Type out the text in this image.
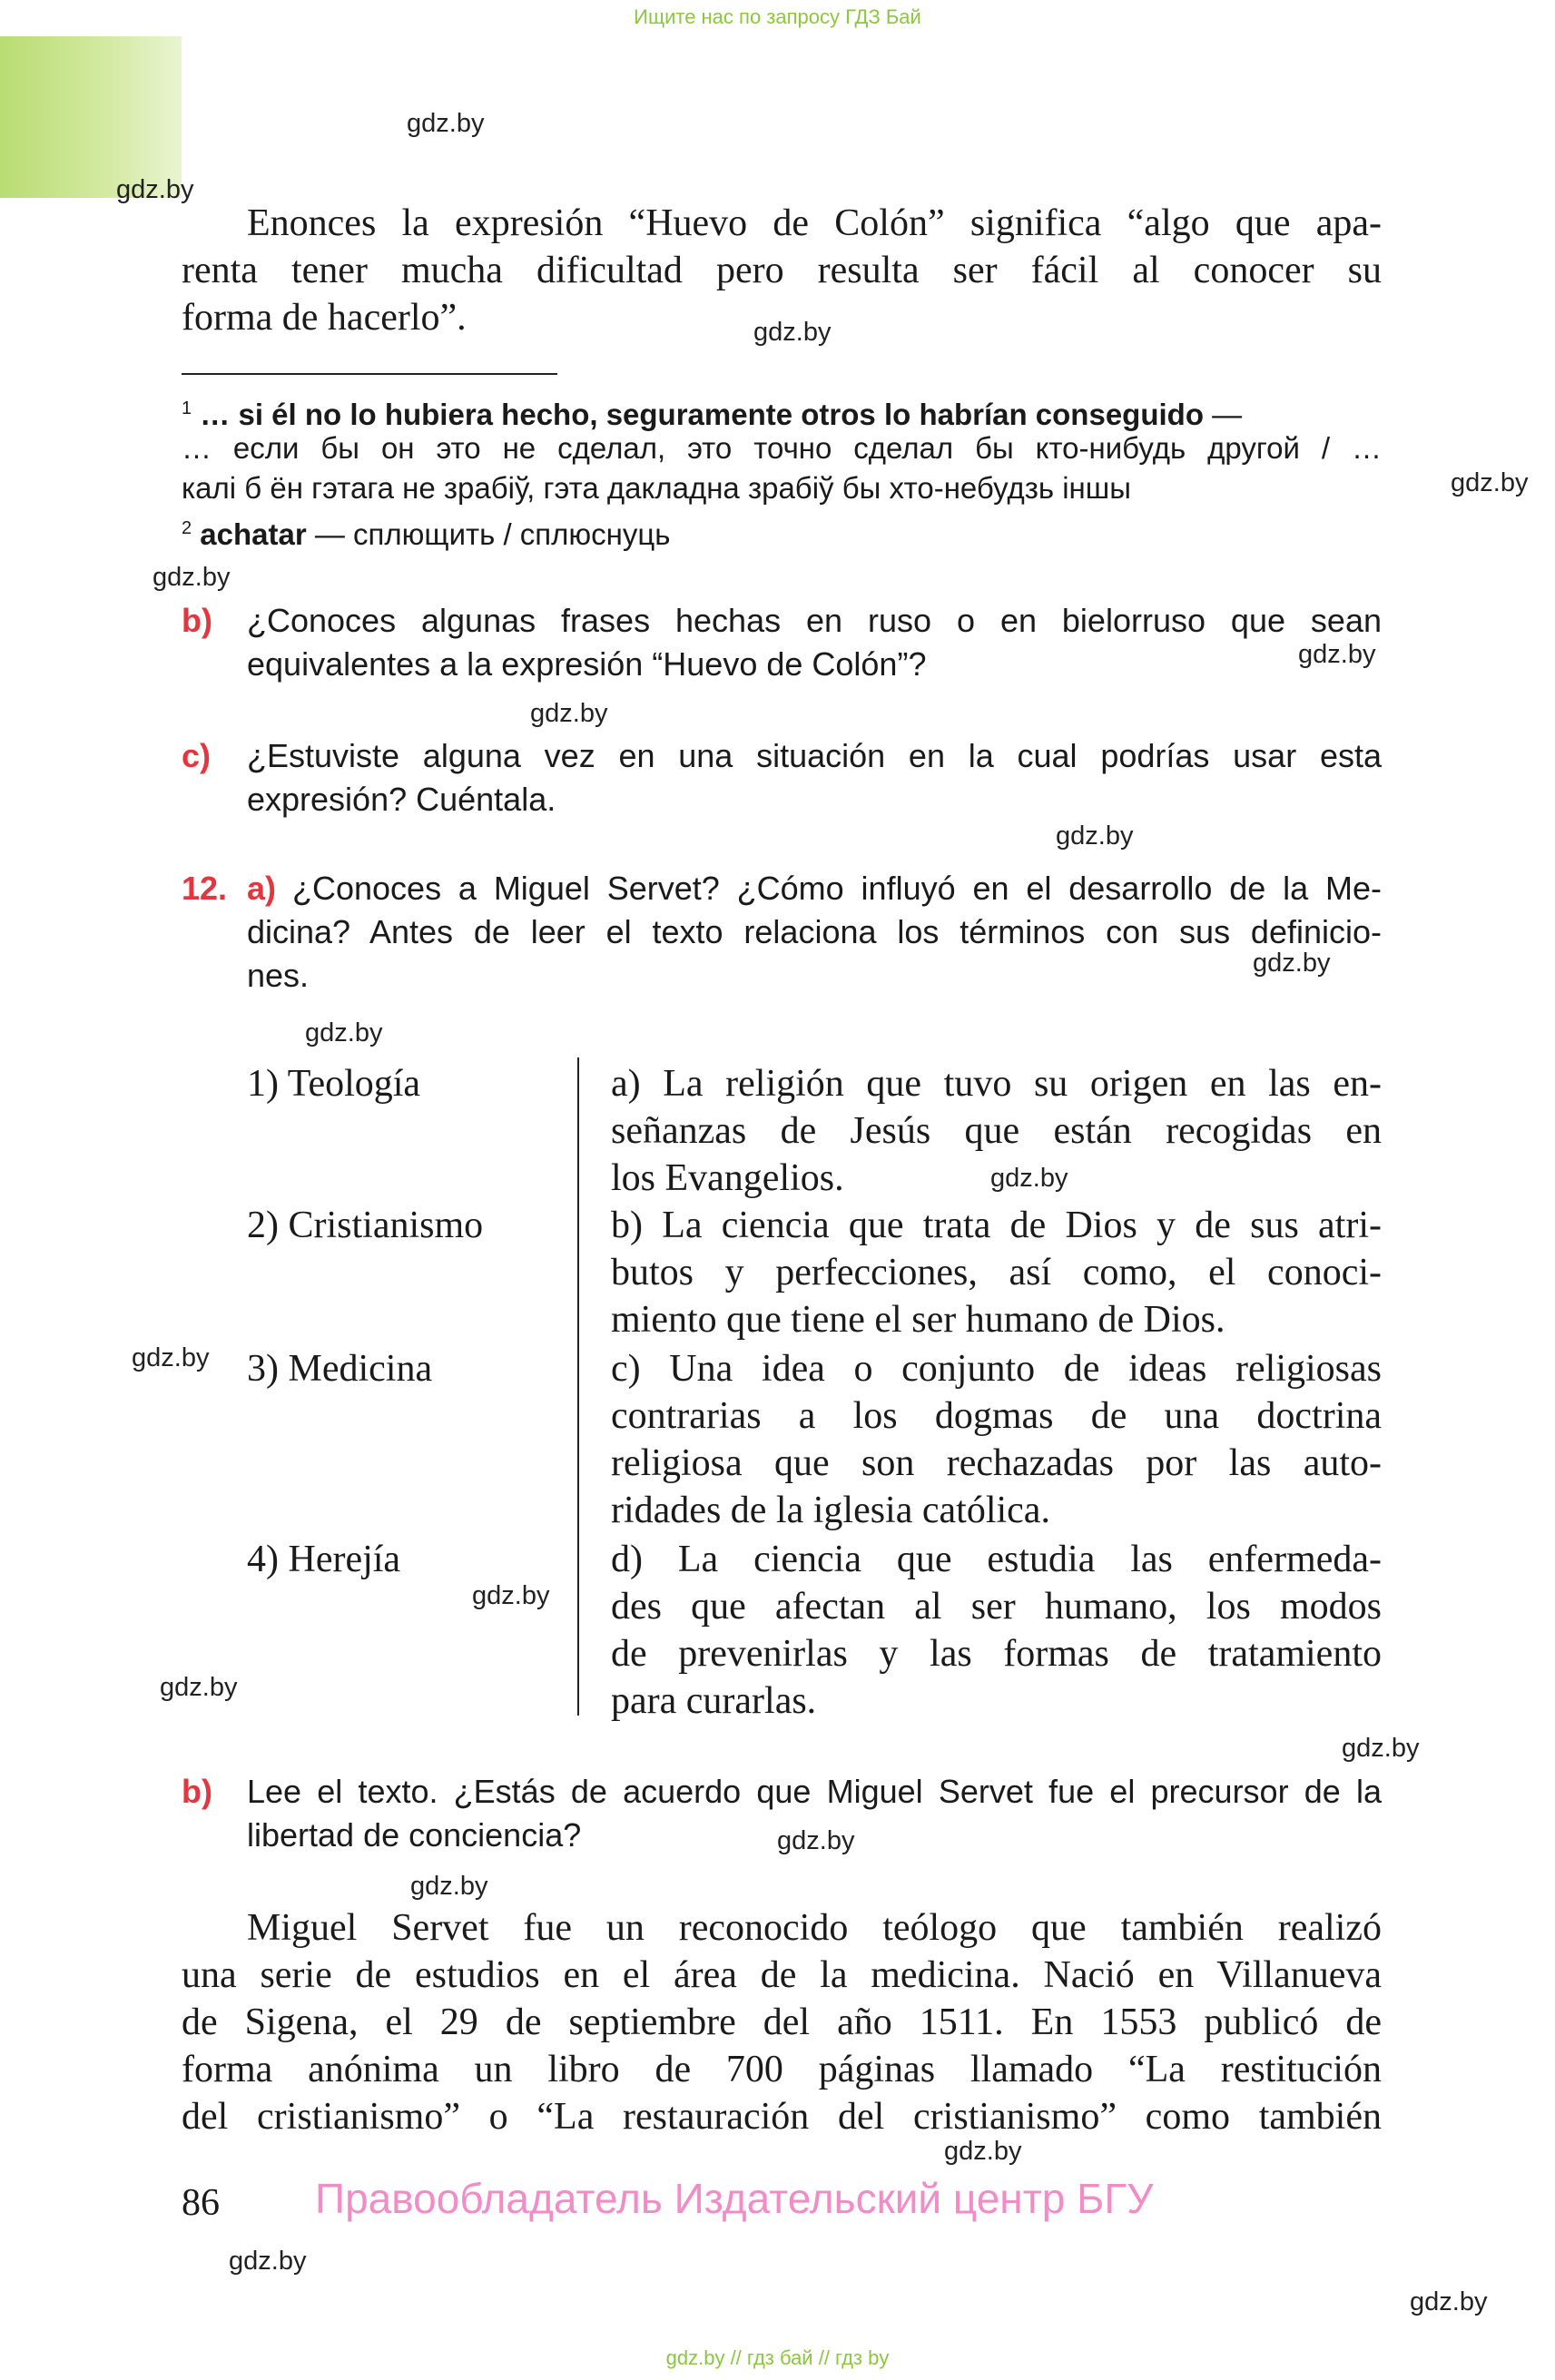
Ищите нас по запросу ГДЗ Бай
gdz.by
gdz.by
gdz.by
gdz.by
gdz.by
gdz.by
gdz.by
gdz.by
gdz.by
gdz.by
gdz.by
gdz.by
gdz.by
gdz.by
gdz.by
gdz.by
gdz.by
gdz.by
gdz.by
gdz.by
Enonces la expresión “Huevo de Colón” significa “algo que apa-
renta tener mucha dificultad pero resulta ser fácil al conocer su
forma de hacerlo”.
$^1$ … si él no lo hubiera hecho, seguramente otros lo habrían conseguido —
… если бы он это не сделал, это точно сделал бы кто-нибудь другой / …
калі б ён гэтага не зрабіў, гэта дакладна зрабіў бы хто-небудзь іншы
$^2$ achatar — сплющить / сплюснуць
b) ¿Conoces algunas frases hechas en ruso o en bielorruso que sean
equivalentes a la expresión “Huevo de Colón”?
c) ¿Estuviste alguna vez en una situación en la cual podrías usar esta
expresión? Cuéntala.
12. a) ¿Conoces a Miguel Servet? ¿Cómo influyó en el desarrollo de la Me-
dicina? Antes de leer el texto relaciona los términos con sus definicio-
nes.
1) Teología
2) Cristianismo
3) Medicina
4) Herejía
a) La religión que tuvo su origen en las en-
señanzas de Jesús que están recogidas en
los Evangelios.
b) La ciencia que trata de Dios y de sus atri-
butos y perfecciones, así como, el conoci-
miento que tiene el ser humano de Dios.
c) Una idea o conjunto de ideas religiosas
contrarias a los dogmas de una doctrina
religiosa que son rechazadas por las auto-
ridades de la iglesia católica.
d) La ciencia que estudia las enfermeda-
des que afectan al ser humano, los modos
de prevenirlas y las formas de tratamiento
para curarlas.
b) Lee el texto. ¿Estás de acuerdo que Miguel Servet fue el precursor de la
libertad de conciencia?
Miguel Servet fue un reconocido teólogo que también realizó
una serie de estudios en el área de la medicina. Nació en Villanueva
de Sigena, el 29 de septiembre del año 1511. En 1553 publicó de
forma anónima un libro de 700 páginas llamado “La restitución
del cristianismo” o “La restauración del cristianismo” como también
86 Правообладатель Издательский центр БГУ
gdz.by // гдз бай // гдз by
